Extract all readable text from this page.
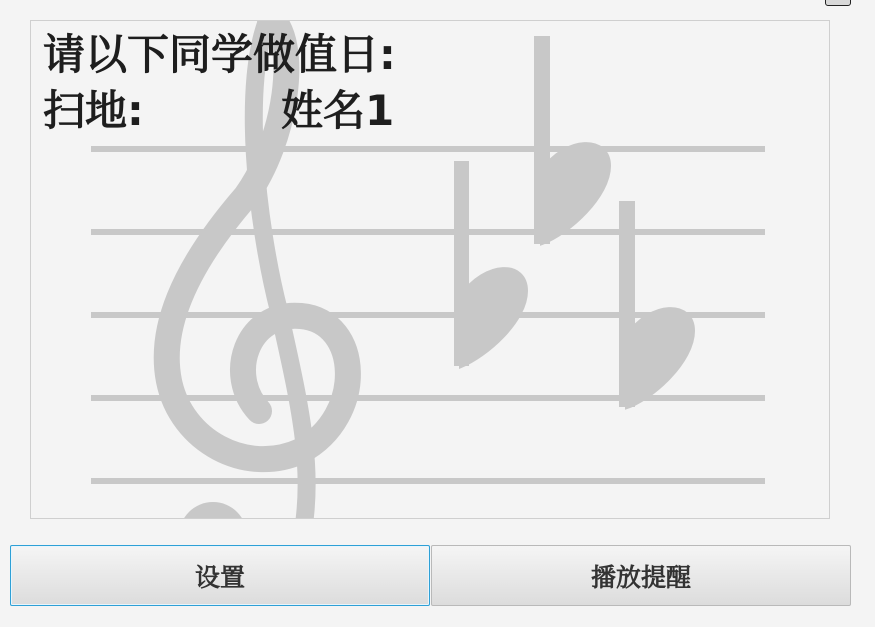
请以下同学做值日:
扫地:	姓名1
设置	播放提醒
